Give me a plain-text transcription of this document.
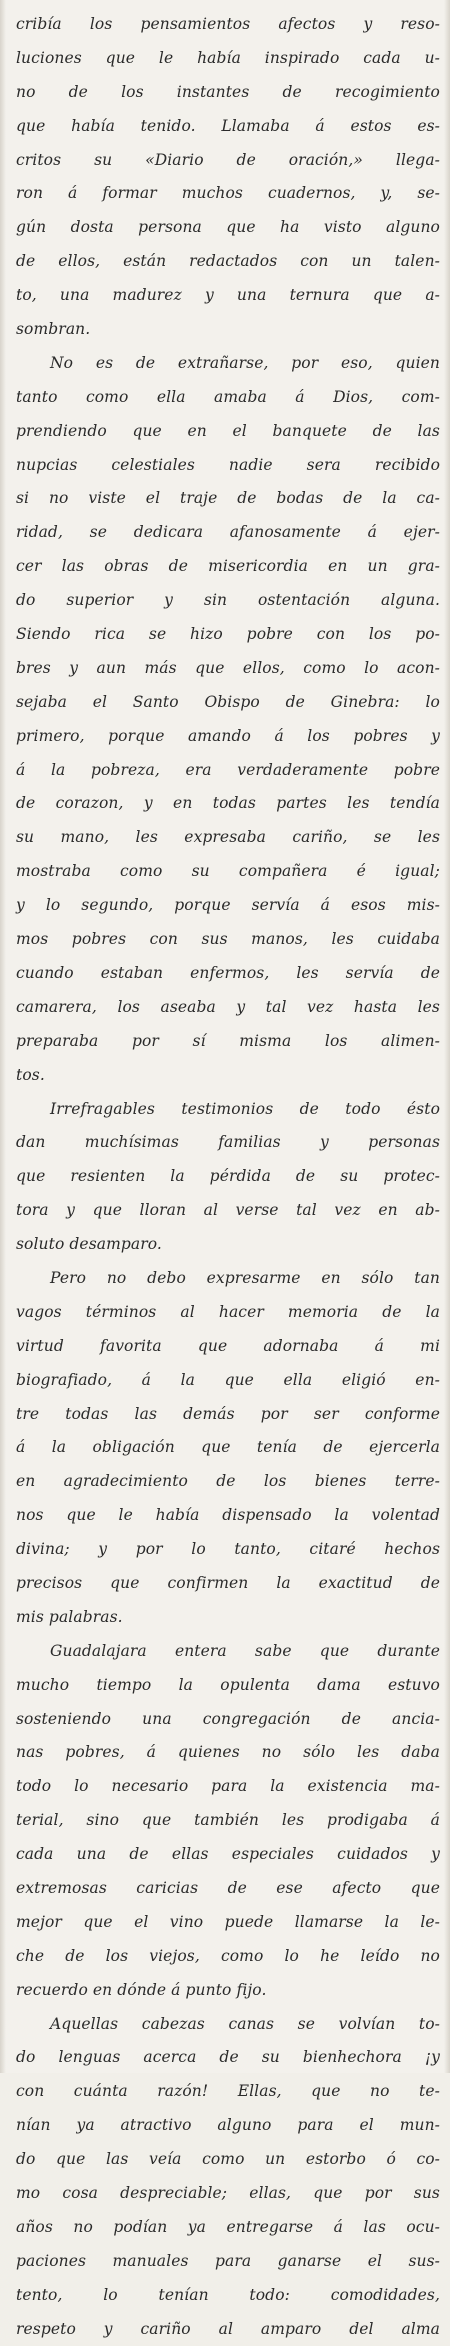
cribía los pensamientos afectos y reso-
luciones que le había inspirado cada u-
no de los instantes de recogimiento
que había tenido. Llamaba á estos es-
critos su «Diario de oración,» llega-
ron á formar muchos cuadernos, y, se-
gún dosta persona que ha visto alguno
de ellos, están redactados con un talen-
to, una madurez y una ternura que a-
sombran.
No es de extrañarse, por eso, quien
tanto como ella amaba á Dios, com-
prendiendo que en el banquete de las
nupcias celestiales nadie sera recibido
si no viste el traje de bodas de la ca-
ridad, se dedicara afanosamente á ejer-
cer las obras de misericordia en un gra-
do superior y sin ostentación alguna.
Siendo rica se hizo pobre con los po-
bres y aun más que ellos, como lo acon-
sejaba el Santo Obispo de Ginebra: lo
primero, porque amando á los pobres y
á la pobreza, era verdaderamente pobre
de corazon, y en todas partes les tendía
su mano, les expresaba cariño, se les
mostraba como su compañera é igual;
y lo segundo, porque servía á esos mis-
mos pobres con sus manos, les cuidaba
cuando estaban enfermos, les servía de
camarera, los aseaba y tal vez hasta les
preparaba por sí misma los alimen-
tos.
Irrefragables testimonios de todo ésto
dan muchísimas familias y personas
que resienten la pérdida de su protec-
tora y que lloran al verse tal vez en ab-
soluto desamparo.
Pero no debo expresarme en sólo tan
vagos términos al hacer memoria de la
virtud favorita que adornaba á mi
biografiado, á la que ella eligió en-
tre todas las demás por ser conforme
á la obligación que tenía de ejercerla
en agradecimiento de los bienes terre-
nos que le había dispensado la volentad
divina; y por lo tanto, citaré hechos
precisos que confirmen la exactitud de
mis palabras.
Guadalajara entera sabe que durante
mucho tiempo la opulenta dama estuvo
sosteniendo una congregación de ancia-
nas pobres, á quienes no sólo les daba
todo lo necesario para la existencia ma-
terial, sino que también les prodigaba á
cada una de ellas especiales cuidados y
extremosas caricias de ese afecto que
mejor que el vino puede llamarse la le-
che de los viejos, como lo he leído no
recuerdo en dónde á punto fijo.
Aquellas cabezas canas se volvían to-
do lenguas acerca de su bienhechora ¡y
con cuánta razón! Ellas, que no te-
nían ya atractivo alguno para el mun-
do que las veía como un estorbo ó co-
mo cosa despreciable; ellas, que por sus
años no podían ya entregarse á las ocu-
paciones manuales para ganarse el sus-
tento, lo tenían todo: comodidades,
respeto y cariño al amparo del alma
